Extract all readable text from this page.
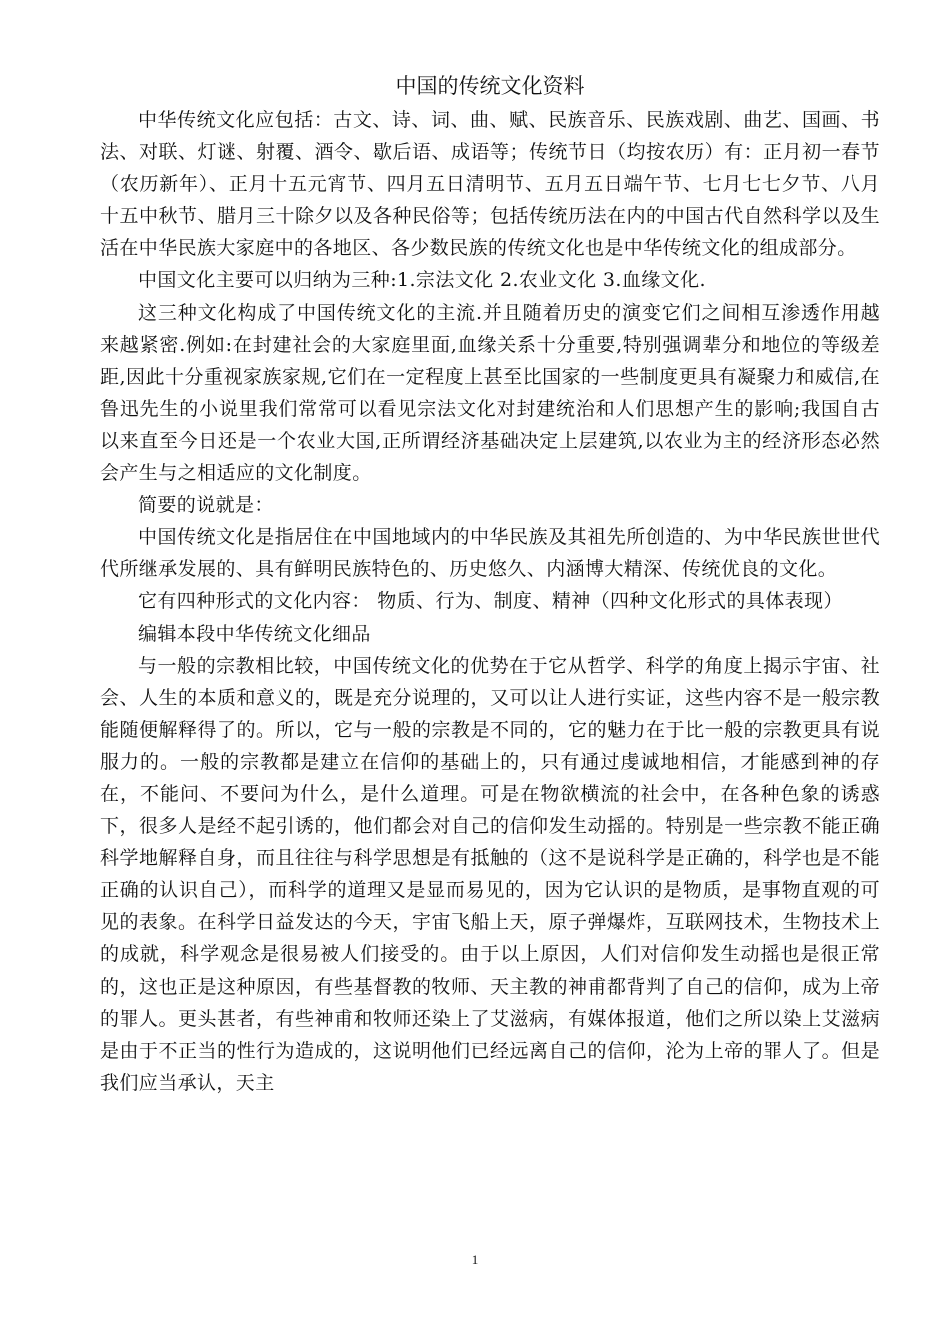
中国的传统文化资料

中华传统文化应包括：古文、诗、词、曲、赋、民族音乐、民族戏剧、曲艺、国画、书法、对联、灯谜、射覆、酒令、歇后语、成语等；传统节日（均按农历）有：正月初一春节（农历新年）、正月十五元宵节、四月五日清明节、五月五日端午节、七月七七夕节、八月十五中秋节、腊月三十除夕以及各种民俗等；包括传统历法在内的中国古代自然科学以及生活在中华民族大家庭中的各地区、各少数民族的传统文化也是中华传统文化的组成部分。

中国文化主要可以归纳为三种:1.宗法文化 2.农业文化 3.血缘文化.

这三种文化构成了中国传统文化的主流.并且随着历史的演变它们之间相互渗透作用越来越紧密.例如:在封建社会的大家庭里面,血缘关系十分重要,特别强调辈分和地位的等级差距,因此十分重视家族家规,它们在一定程度上甚至比国家的一些制度更具有凝聚力和威信,在鲁迅先生的小说里我们常常可以看见宗法文化对封建统治和人们思想产生的影响;我国自古以来直至今日还是一个农业大国,正所谓经济基础决定上层建筑,以农业为主的经济形态必然会产生与之相适应的文化制度。

简要的说就是：

中国传统文化是指居住在中国地域内的中华民族及其祖先所创造的、为中华民族世世代代所继承发展的、具有鲜明民族特色的、历史悠久、内涵博大精深、传统优良的文化。

它有四种形式的文化内容： 物质、行为、制度、精神（四种文化形式的具体表现）

编辑本段中华传统文化细品

与一般的宗教相比较，中国传统文化的优势在于它从哲学、科学的角度上揭示宇宙、社会、人生的本质和意义的，既是充分说理的，又可以让人进行实证，这些内容不是一般宗教能随便解释得了的。所以，它与一般的宗教是不同的，它的魅力在于比一般的宗教更具有说服力的。一般的宗教都是建立在信仰的基础上的，只有通过虔诚地相信，才能感到神的存在，不能问、不要问为什么，是什么道理。可是在物欲横流的社会中，在各种色象的诱惑下，很多人是经不起引诱的，他们都会对自己的信仰发生动摇的。特别是一些宗教不能正确科学地解释自身，而且往往与科学思想是有抵触的（这不是说科学是正确的，科学也是不能正确的认识自己），而科学的道理又是显而易见的，因为它认识的是物质，是事物直观的可见的表象。在科学日益发达的今天，宇宙飞船上天，原子弹爆炸，互联网技术，生物技术上的成就，科学观念是很易被人们接受的。由于以上原因，人们对信仰发生动摇也是很正常的，这也正是这种原因，有些基督教的牧师、天主教的神甫都背判了自己的信仰，成为上帝的罪人。更头甚者，有些神甫和牧师还染上了艾滋病，有媒体报道，他们之所以染上艾滋病是由于不正当的性行为造成的，这说明他们已经远离自己的信仰，沦为上帝的罪人了。但是我们应当承认，天主

1
